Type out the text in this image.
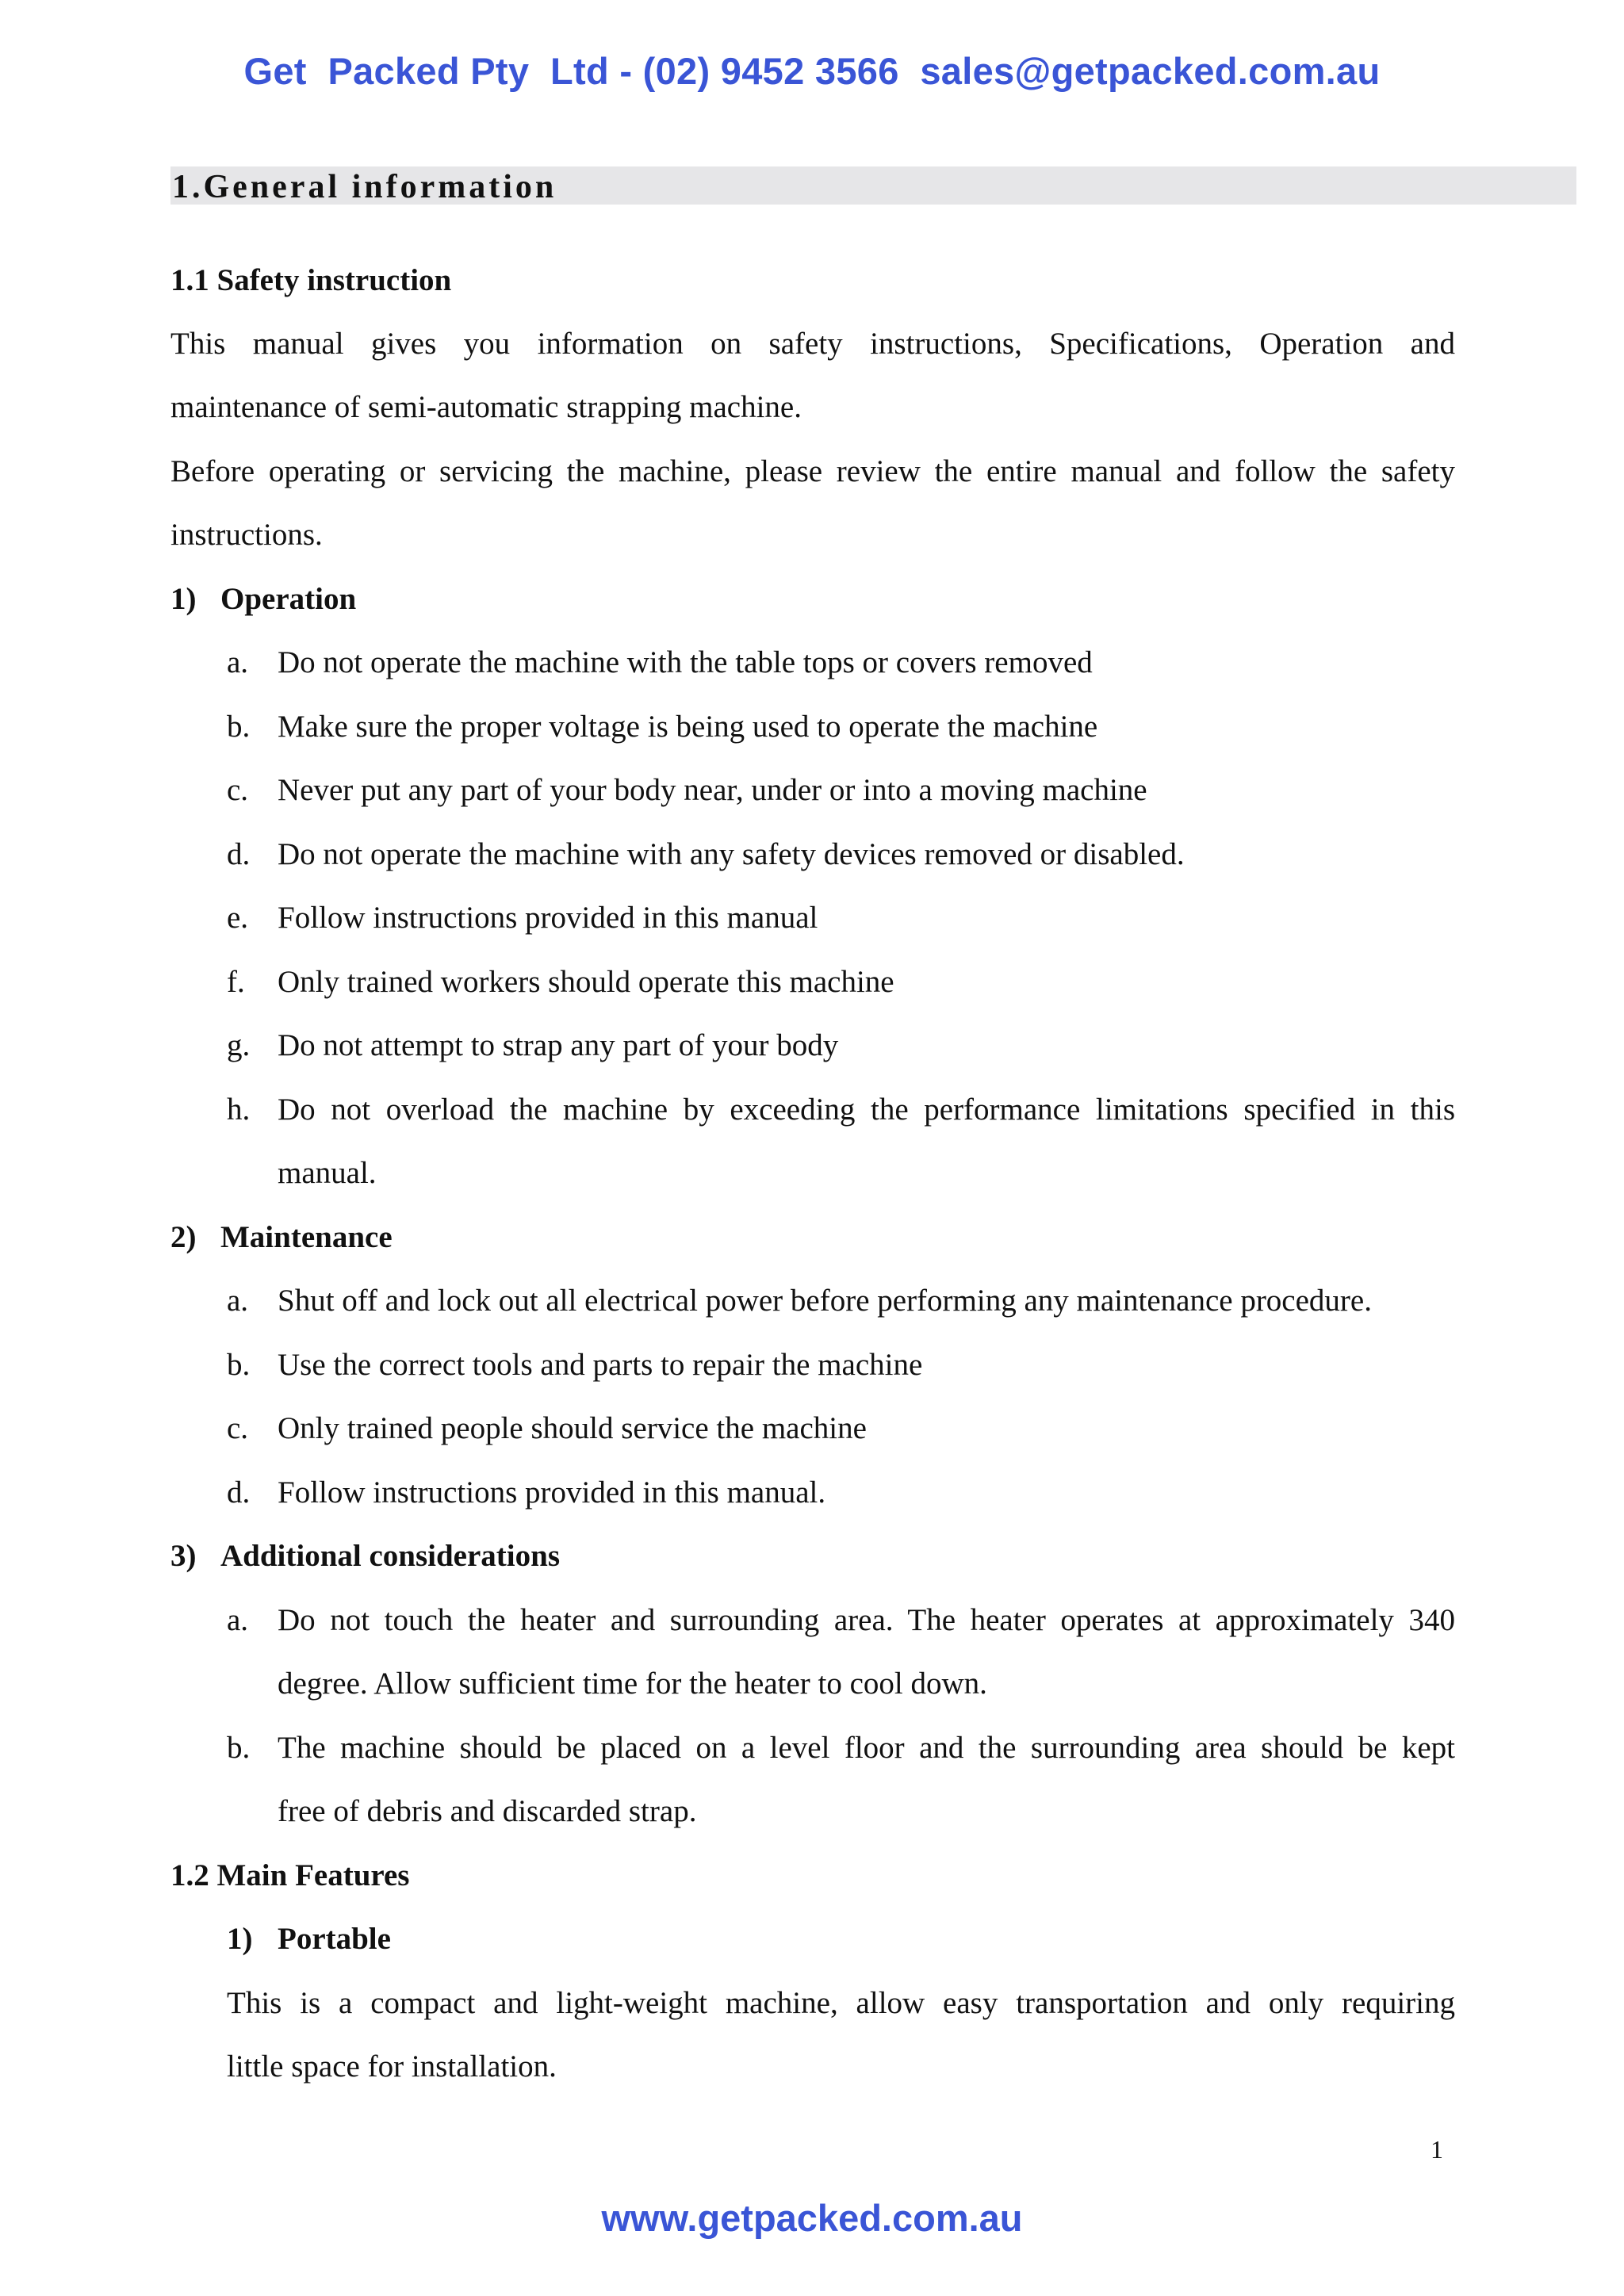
Get  Packed Pty  Ltd - (02) 9452 3566  sales@getpacked.com.au
1.General information
1.1 Safety instruction
This manual gives you information on safety instructions, Specifications, Operation and
maintenance of semi-automatic strapping machine.
Before operating or servicing the machine, please review the entire manual and follow the safety
instructions.
1) Operation
a. Do not operate the machine with the table tops or covers removed
b. Make sure the proper voltage is being used to operate the machine
c. Never put any part of your body near, under or into a moving machine
d. Do not operate the machine with any safety devices removed or disabled.
e. Follow instructions provided in this manual
f. Only trained workers should operate this machine
g. Do not attempt to strap any part of your body
h. Do not overload the machine by exceeding the performance limitations specified in this
manual.
2) Maintenance
a. Shut off and lock out all electrical power before performing any maintenance procedure.
b. Use the correct tools and parts to repair the machine
c. Only trained people should service the machine
d. Follow instructions provided in this manual.
3) Additional considerations
a. Do not touch the heater and surrounding area. The heater operates at approximately 340
degree. Allow sufficient time for the heater to cool down.
b. The machine should be placed on a level floor and the surrounding area should be kept
free of debris and discarded strap.
1.2 Main Features
1) Portable
This is a compact and light-weight machine, allow easy transportation and only requiring
little space for installation.
1
www.getpacked.com.au
